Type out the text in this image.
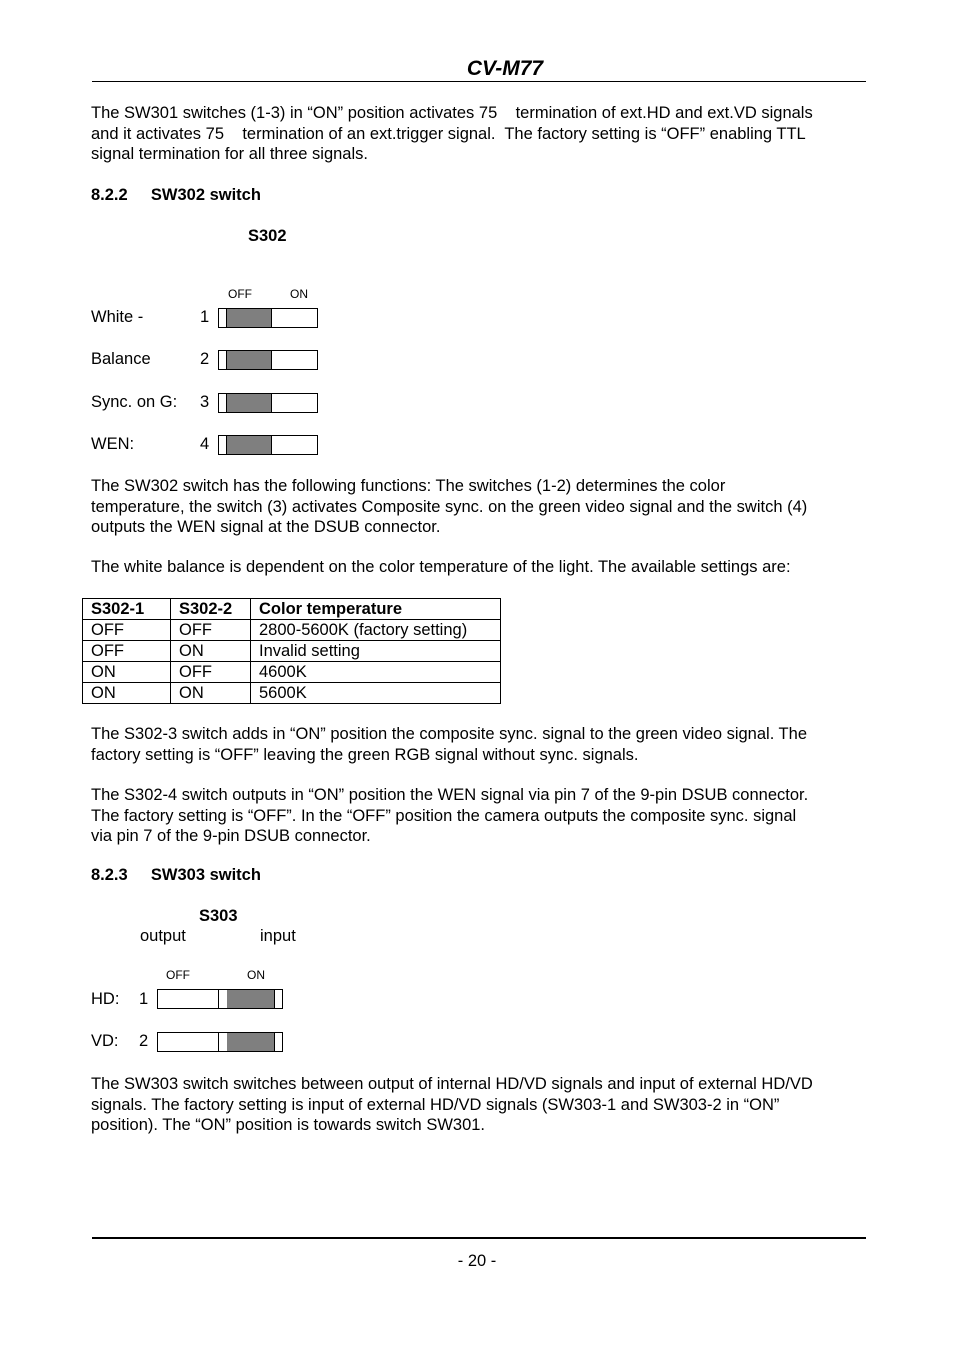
CV-M77
The SW301 switches (1-3) in “ON” position activates 75    termination of ext.HD and ext.VD signals
and it activates 75    termination of an ext.trigger signal.  The factory setting is “OFF” enabling TTL
signal termination for all three signals.
8.2.2 SW302 switch
S302
OFF	ON
White -	1
Balance	2
Sync. on G: 3
WEN:	4
The SW302 switch has the following functions: The switches (1-2) determines the color
temperature, the switch (3) activates Composite sync. on the green video signal and the switch (4)
outputs the WEN signal at the DSUB connector.
The white balance is dependent on the color temperature of the light. The available settings are:
S302-1	S302-2	Color temperature
OFF	OFF	2800-5600K (factory setting)
OFF	ON	Invalid setting
ON	OFF	4600K
ON	ON	5600K
The S302-3 switch adds in “ON” position the composite sync. signal to the green video signal. The
factory setting is “OFF” leaving the green RGB signal without sync. signals.
The S302-4 switch outputs in “ON” position the WEN signal via pin 7 of the 9-pin DSUB connector.
The factory setting is “OFF”. In the “OFF” position the camera outputs the composite sync. signal
via pin 7 of the 9-pin DSUB connector.
8.2.3 SW303 switch
S303
output	input
OFF	ON
HD: 1
VD: 2
The SW303 switch switches between output of internal HD/VD signals and input of external HD/VD
signals. The factory setting is input of external HD/VD signals (SW303-1 and SW303-2 in “ON”
position). The “ON” position is towards switch SW301.
- 20 -
